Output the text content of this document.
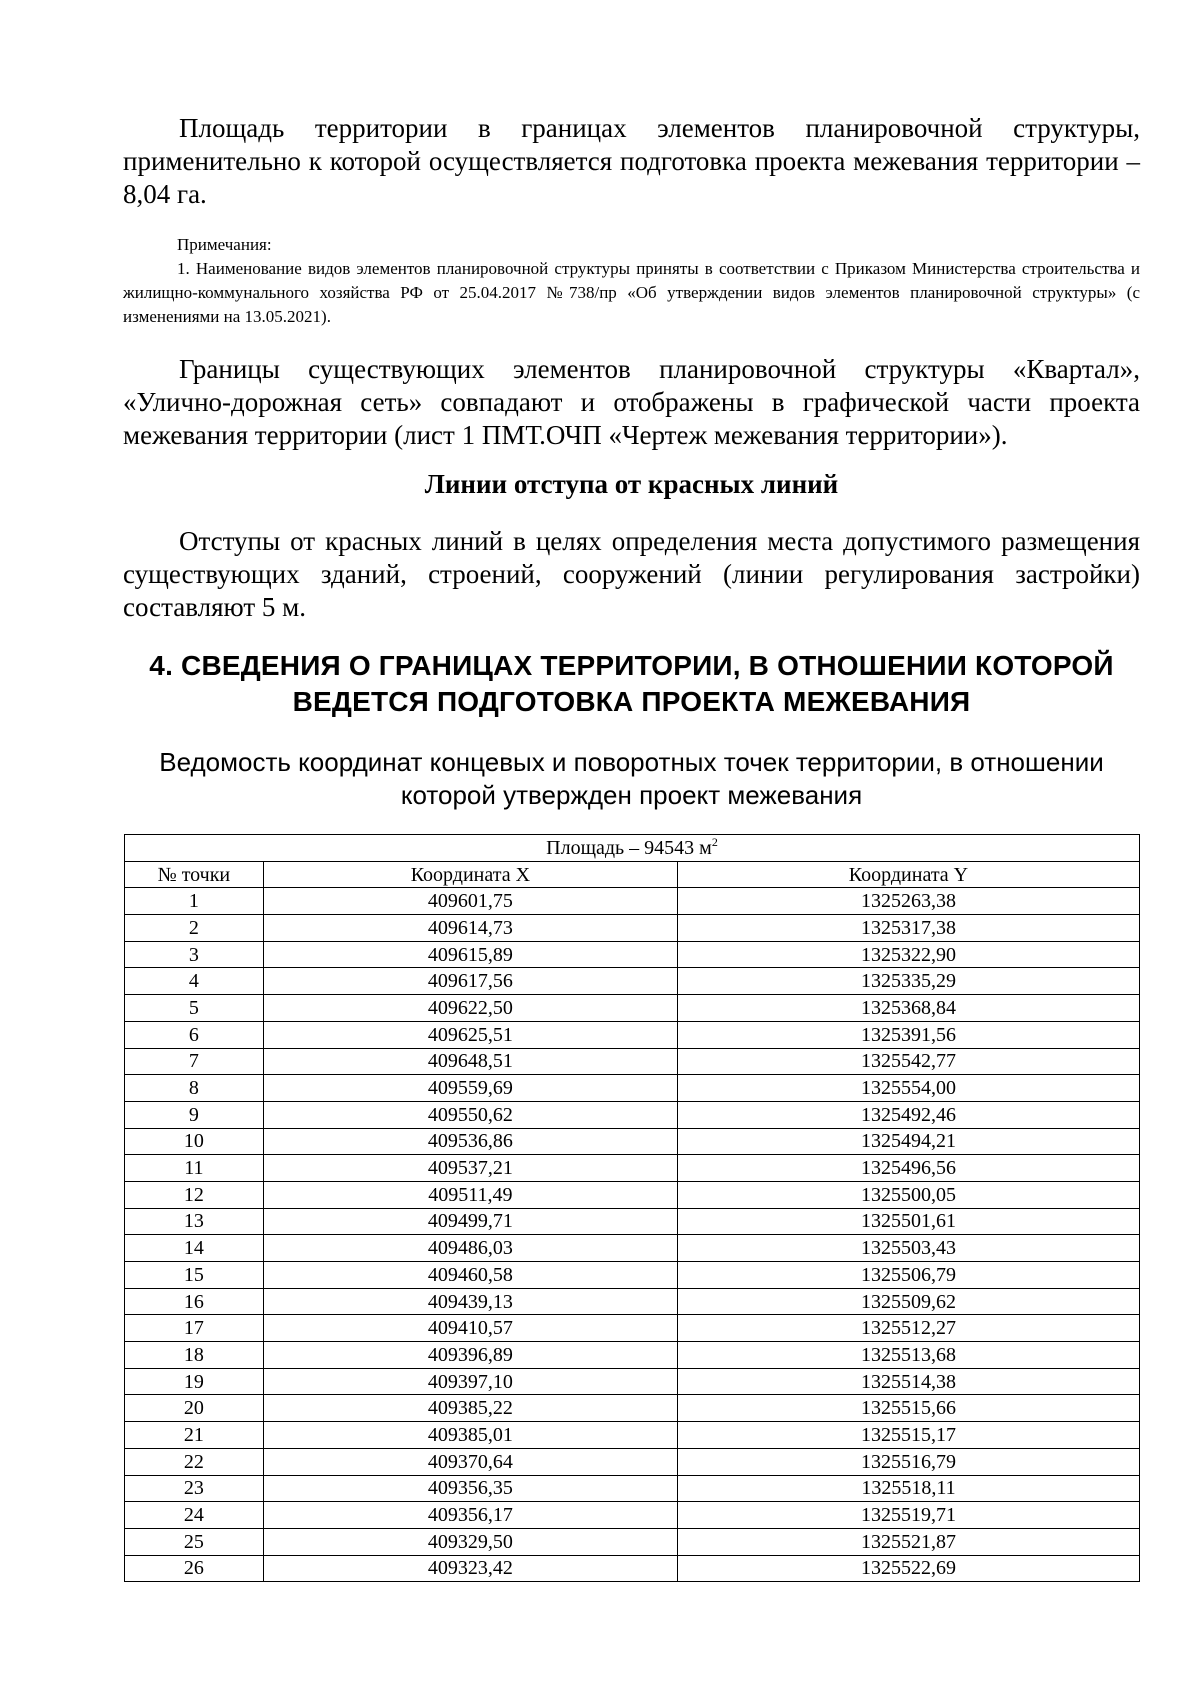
Площадь территории в границах элементов планировочной структуры, применительно к которой осуществляется подготовка проекта межевания территории – 8,04 га.

Примечания:

1. Наименование видов элементов планировочной структуры приняты в соответствии с Приказом Министерства строительства и жилищно-коммунального хозяйства РФ от 25.04.2017 №738/пр «Об утверждении видов элементов планировочной структуры» (с изменениями на 13.05.2021).

Границы существующих элементов планировочной структуры «Квартал», «Улично-дорожная сеть» совпадают и отображены в графической части проекта межевания территории (лист 1 ПМТ.ОЧП «Чертеж межевания территории»).

Линии отступа от красных линий

Отступы от красных линий в целях определения места допустимого размещения существующих зданий, строений, сооружений (линии регулирования застройки) составляют 5 м.

4. СВЕДЕНИЯ О ГРАНИЦАХ ТЕРРИТОРИИ, В ОТНОШЕНИИ КОТОРОЙ
ВЕДЕТСЯ ПОДГОТОВКА ПРОЕКТА МЕЖЕВАНИЯ
Ведомость координат концевых и поворотных точек территории, в отношении
которой утвержден проект межевания
Площадь – 94543 $м^2$
№ точки	Координата X	Координата Y
1	409601,75	1325263,38
2	409614,73	1325317,38
3	409615,89	1325322,90
4	409617,56	1325335,29
5	409622,50	1325368,84
6	409625,51	1325391,56
7	409648,51	1325542,77
8	409559,69	1325554,00
9	409550,62	1325492,46
10	409536,86	1325494,21
11	409537,21	1325496,56
12	409511,49	1325500,05
13	409499,71	1325501,61
14	409486,03	1325503,43
15	409460,58	1325506,79
16	409439,13	1325509,62
17	409410,57	1325512,27
18	409396,89	1325513,68
19	409397,10	1325514,38
20	409385,22	1325515,66
21	409385,01	1325515,17
22	409370,64	1325516,79
23	409356,35	1325518,11
24	409356,17	1325519,71
25	409329,50	1325521,87
26	409323,42	1325522,69
